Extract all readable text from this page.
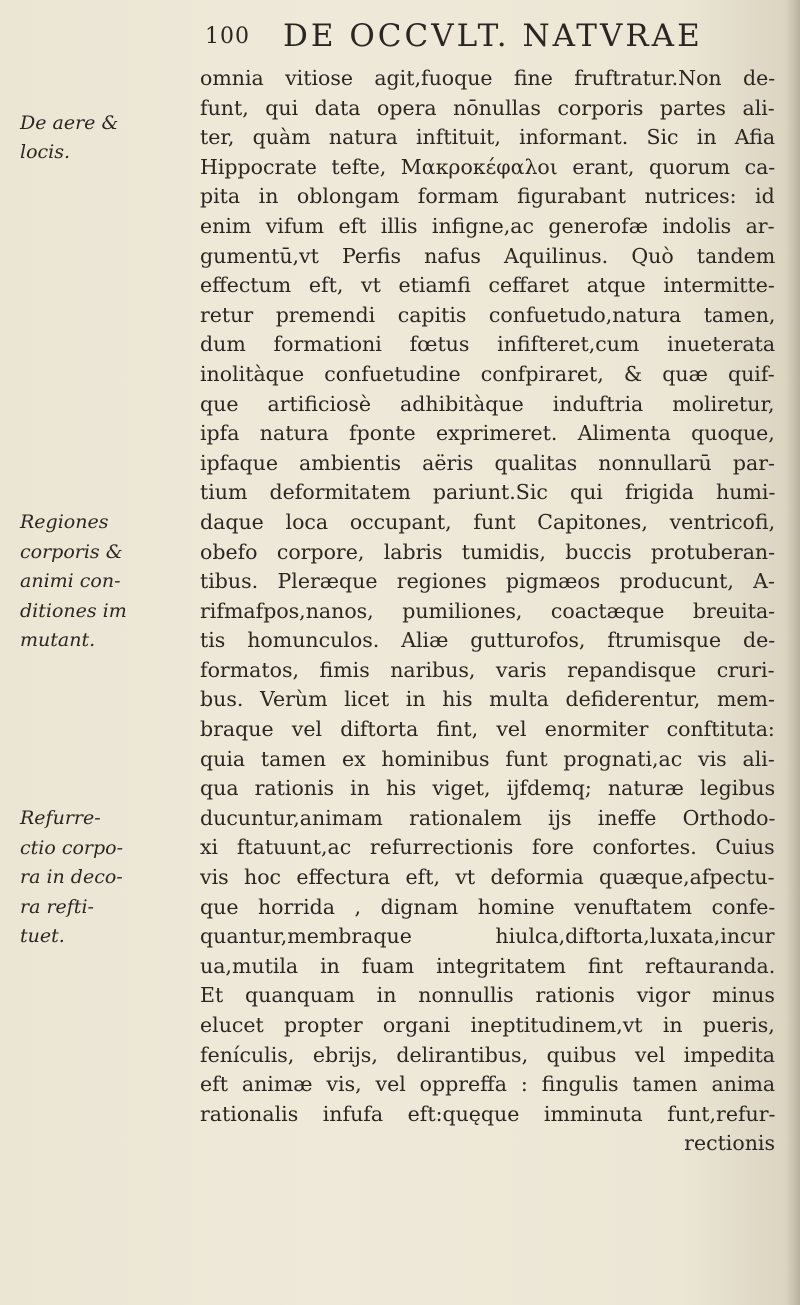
100 DE OCCVLT. NATVRAE
omnia vitiose agit,fuoque fine fruftratur.Non de-
funt, qui data opera nōnullas corporis partes ali-
ter, quàm natura inftituit, informant. Sic in Afia
Hippocrate tefte, Μακροκέφαλοι erant, quorum ca-
pita in oblongam formam figurabant nutrices: id
enim vifum eft illis infigne,ac generofæ indolis ar-
gumentū,vt Perfis nafus Aquilinus. Quò tandem
effectum eft, vt etiamfi ceffaret atque intermitte-
retur premendi capitis confuetudo,natura tamen,
dum formationi fœtus infifteret,cum inueterata
inolitàque confuetudine confpiraret, & quæ quif-
que artificiosè adhibitàque induftria moliretur,
ipfa natura fponte exprimeret. Alimenta quoque,
ipfaque ambientis aëris qualitas nonnullarū par-
tium deformitatem pariunt.Sic qui frigida humi-
daque loca occupant, funt Capitones, ventricofi,
obefo corpore, labris tumidis, buccis protuberan-
tibus. Pleræque regiones pigmæos producunt, A-
rifmafpos,nanos, pumiliones, coactæque breuita-
tis homunculos. Aliæ gutturofos, ftrumisque de-
formatos, fimis naribus, varis repandisque cruri-
bus. Verùm licet in his multa defiderentur, mem-
braque vel diftorta fint, vel enormiter conftituta:
quia tamen ex hominibus funt prognati,ac vis ali-
qua rationis in his viget, ijfdemq; naturæ legibus
ducuntur,animam rationalem ijs ineffe Orthodo-
xi ftatuunt,ac refurrectionis fore confortes. Cuius
vis hoc effectura eft, vt deformia quæque,afpectu-
que horrida , dignam homine venuftatem confe-
quantur,membraque hiulca,diftorta,luxata,incur
ua,mutila in fuam integritatem fint reftauranda.
Et quanquam in nonnullis rationis vigor minus
elucet propter organi ineptitudinem,vt in pueris,
fenículis, ebrijs, delirantibus, quibus vel impedita
eft animæ vis, vel oppreffa : fingulis tamen anima
rationalis infufa eft:quęque imminuta funt,refur-
rectionis
De aere &
locis.
Regiones
corporis &
animi con-
ditiones im
mutant.
Refurre-
ctio corpo-
ra in deco-
ra refti-
tuet.
